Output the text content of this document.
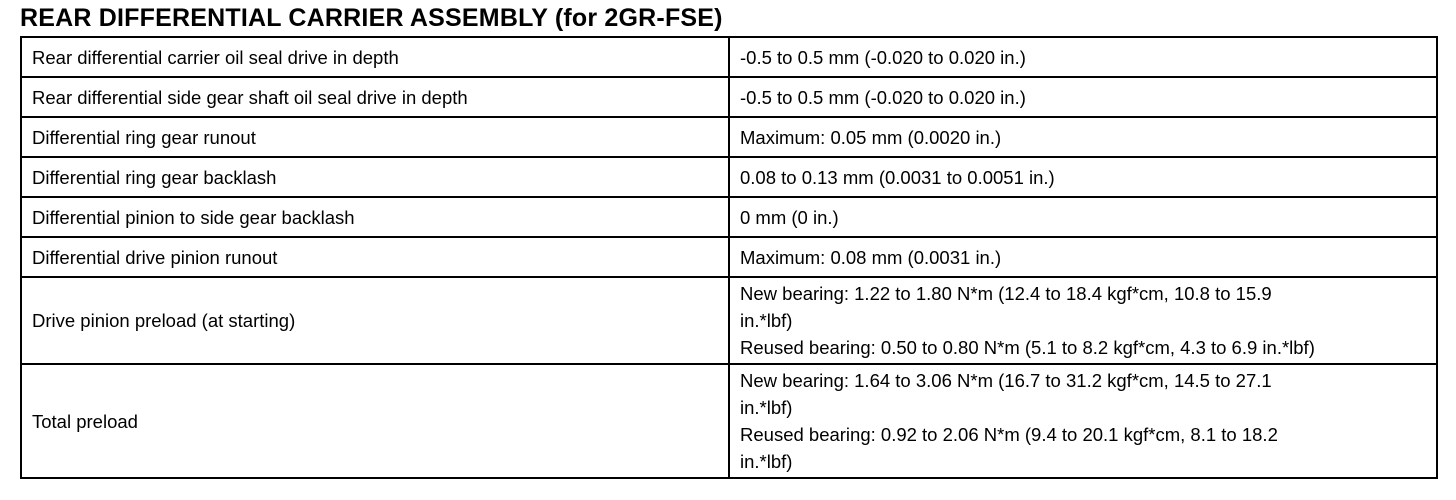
REAR DIFFERENTIAL CARRIER ASSEMBLY (for 2GR-FSE)
Rear differential carrier oil seal drive in depth	-0.5 to 0.5 mm (-0.020 to 0.020 in.)
Rear differential side gear shaft oil seal drive in depth	-0.5 to 0.5 mm (-0.020 to 0.020 in.)
Differential ring gear runout	Maximum: 0.05 mm (0.0020 in.)
Differential ring gear backlash	0.08 to 0.13 mm (0.0031 to 0.0051 in.)
Differential pinion to side gear backlash	0 mm (0 in.)
Differential drive pinion runout	Maximum: 0.08 mm (0.0031 in.)
Drive pinion preload (at starting)	New bearing: 1.22 to 1.80 N*m (12.4 to 18.4 kgf*cm, 10.8 to 15.9
in.*lbf)
Reused bearing: 0.50 to 0.80 N*m (5.1 to 8.2 kgf*cm, 4.3 to 6.9 in.*lbf)

Total preload	New bearing: 1.64 to 3.06 N*m (16.7 to 31.2 kgf*cm, 14.5 to 27.1
in.*lbf)
Reused bearing: 0.92 to 2.06 N*m (9.4 to 20.1 kgf*cm, 8.1 to 18.2
in.*lbf)
